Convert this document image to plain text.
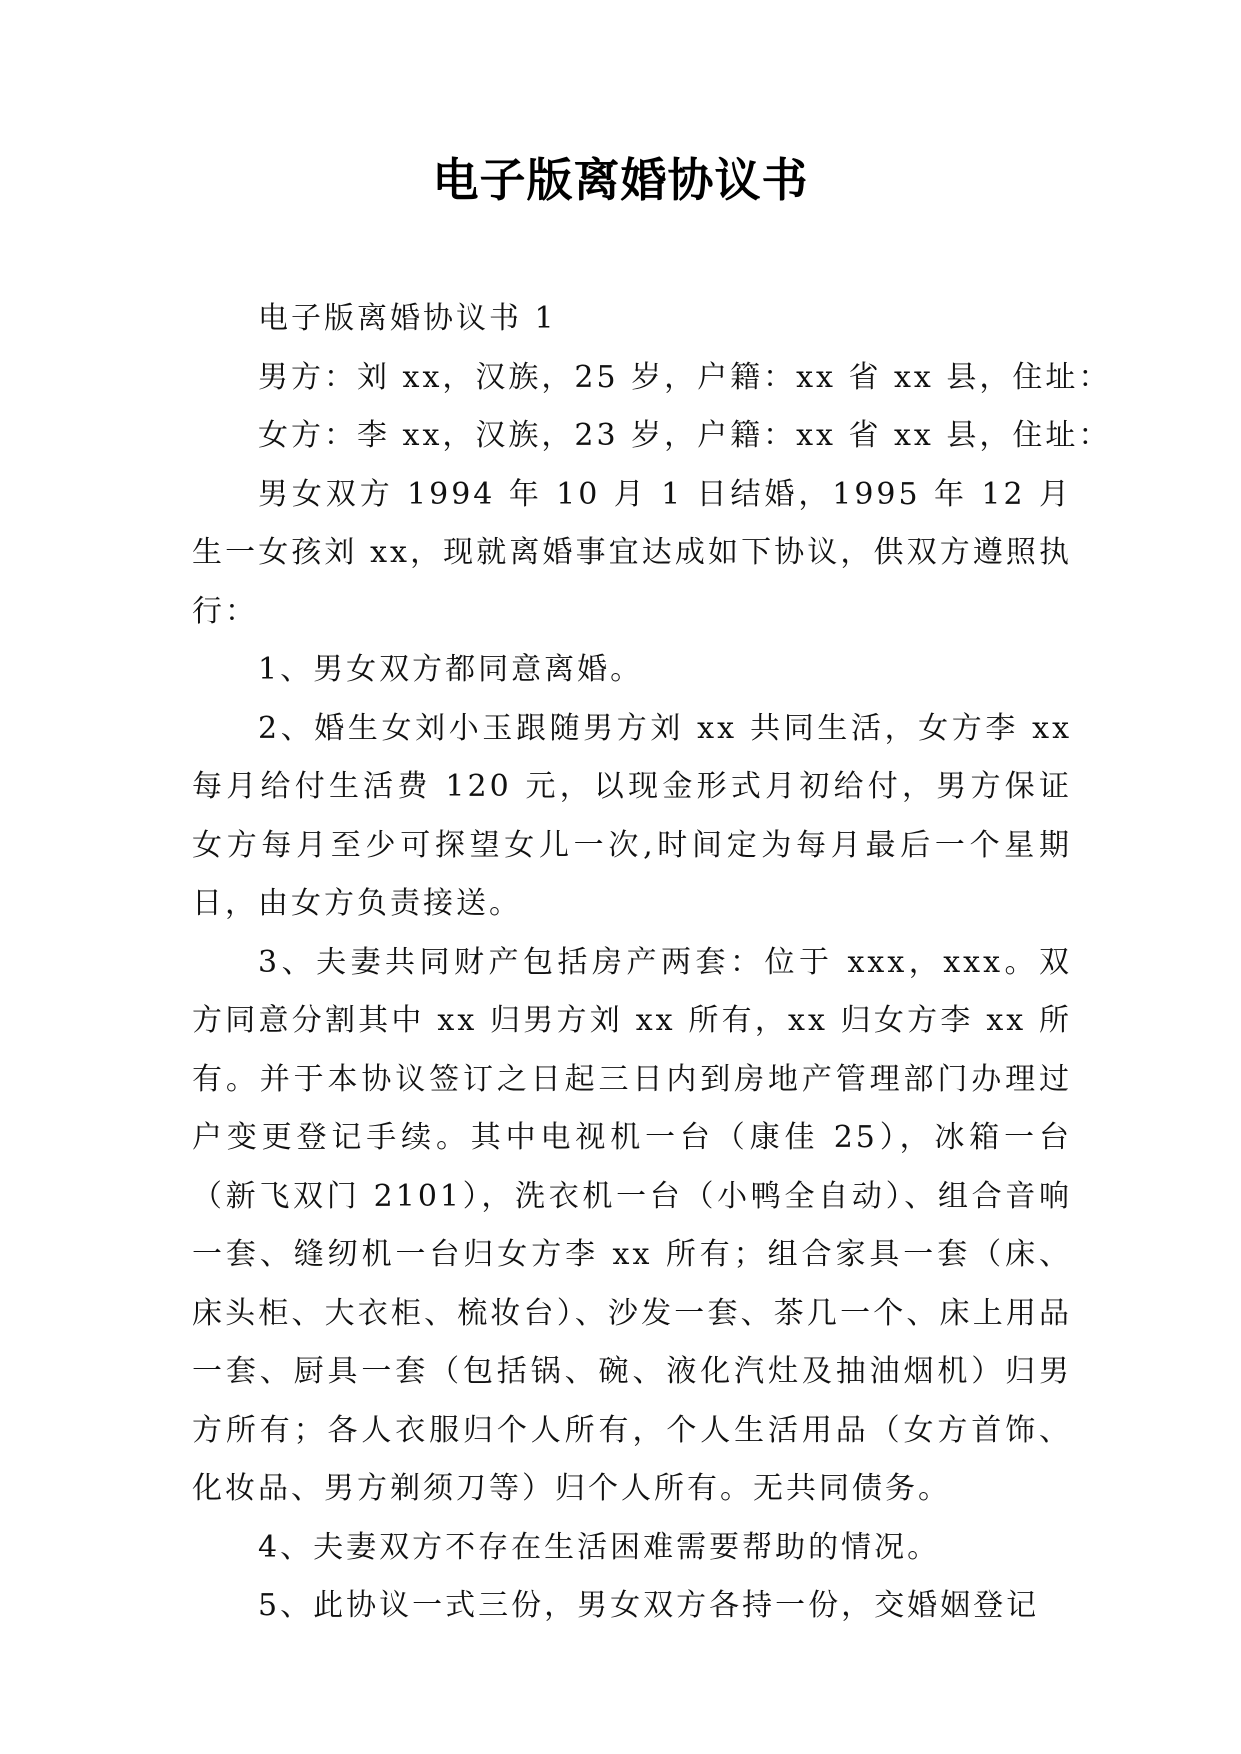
电子版离婚协议书

电子版离婚协议书 1

男方：刘 xx，汉族，25 岁，户籍：xx 省 xx 县，住址：

女方：李 xx，汉族，23 岁，户籍：xx 省 xx 县，住址：

男女双方 1994 年 10 月 1 日结婚，1995 年 12 月生一女孩刘 xx，现就离婚事宜达成如下协议，供双方遵照执行：

1、男女双方都同意离婚。

2、婚生女刘小玉跟随男方刘 xx 共同生活，女方李 xx 每月给付生活费 120 元，以现金形式月初给付，男方保证女方每月至少可探望女儿一次,时间定为每月最后一个星期日，由女方负责接送。

3、夫妻共同财产包括房产两套：位于 xxx，xxx。双方同意分割其中 xx 归男方刘 xx 所有，xx 归女方李 xx 所有。并于本协议签订之日起三日内到房地产管理部门办理过户变更登记手续。其中电视机一台（康佳 25），冰箱一台（新飞双门 2101），洗衣机一台（小鸭全自动）、组合音响一套、缝纫机一台归女方李 xx 所有；组合家具一套（床、床头柜、大衣柜、梳妆台）、沙发一套、茶几一个、床上用品一套、厨具一套（包括锅、碗、液化汽灶及抽油烟机）归男方所有；各人衣服归个人所有，个人生活用品（女方首饰、化妆品、男方剃须刀等）归个人所有。无共同债务。

4、夫妻双方不存在生活困难需要帮助的情况。

5、此协议一式三份，男女双方各持一份，交婚姻登记
